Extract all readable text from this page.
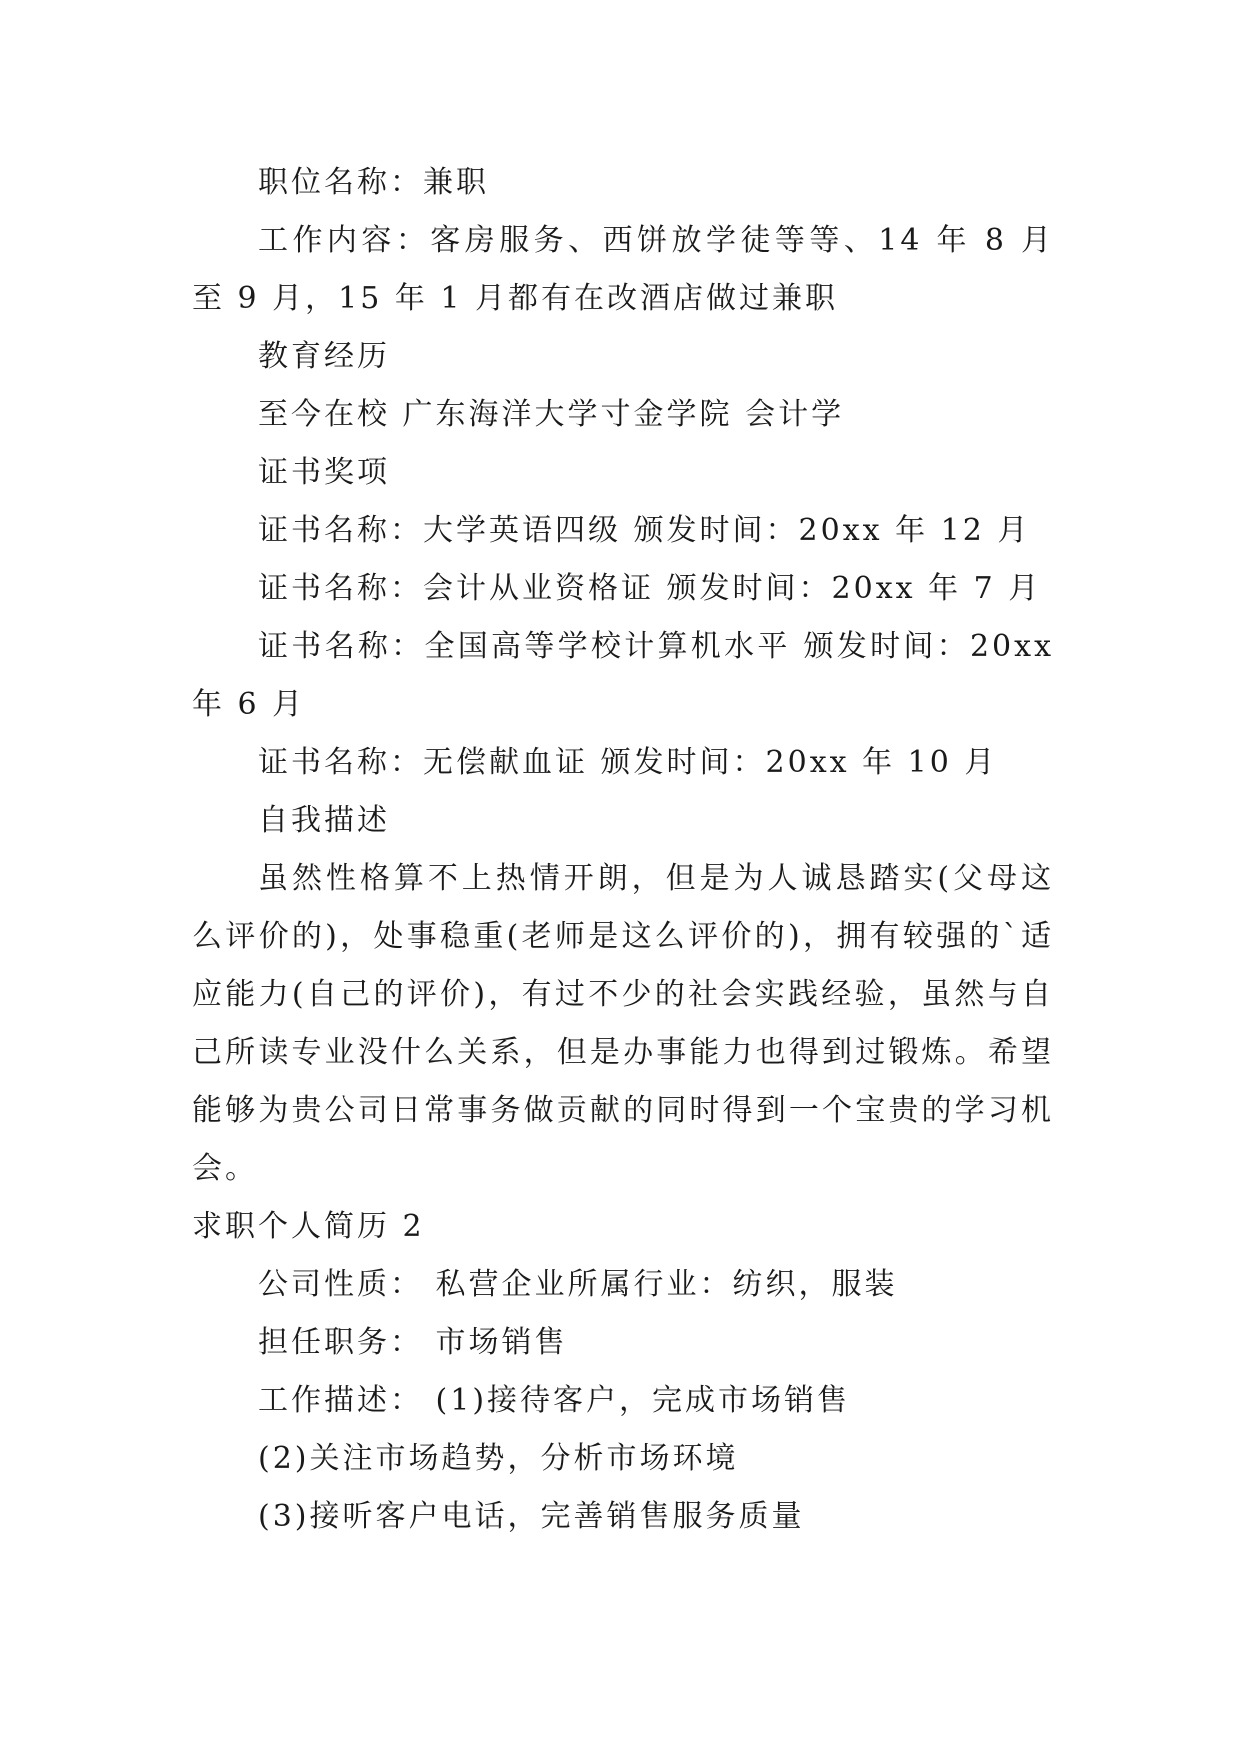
职位名称：兼职

工作内容：客房服务、西饼放学徒等等、14 年 8 月至 9 月，15 年 1 月都有在改酒店做过兼职

教育经历
至今在校 广东海洋大学寸金学院 会计学
证书奖项
证书名称：大学英语四级 颁发时间：20xx 年 12 月
证书名称：会计从业资格证 颁发时间：20xx 年 7 月

证书名称：全国高等学校计算机水平 颁发时间：20xx 年 6 月

证书名称：无偿献血证 颁发时间：20xx 年 10 月
自我描述

虽然性格算不上热情开朗，但是为人诚恳踏实(父母这么评价的)，处事稳重(老师是这么评价的)，拥有较强的`适应能力(自己的评价)，有过不少的社会实践经验，虽然与自己所读专业没什么关系，但是办事能力也得到过锻炼。希望能够为贵公司日常事务做贡献的同时得到一个宝贵的学习机会。

求职个人简历 2
公司性质： 私营企业所属行业：纺织，服装
担任职务： 市场销售
工作描述： (1)接待客户，完成市场销售
(2)关注市场趋势，分析市场环境
(3)接听客户电话，完善销售服务质量
